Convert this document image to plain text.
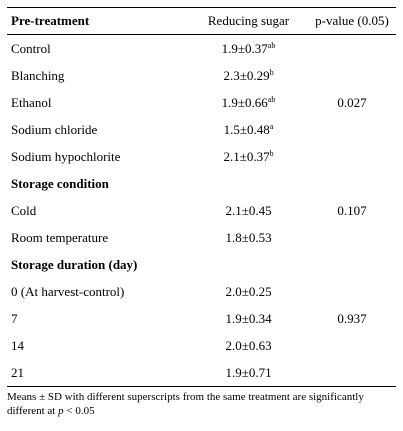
Pre-treatment	Reducing sugar	p-value (0.05)
Control	1.9±0.37$^{ab}$	0.027
Blanching	2.3±0.29$^b$
Ethanol	1.9±0.66$^{ab}$
Sodium chloride	1.5±0.48$^a$
Sodium hypochlorite	2.1±0.37$^b$
Storage condition		0.107
Cold	2.1±0.45	
Room temperature	1.8±0.53	
Storage duration (day)		0.937
0 (At harvest-control)	2.0±0.25	
7	1.9±0.34	
14	2.0±0.63	
21	1.9±0.71	
Means ± SD with different superscripts from the same treatment are significantly different at p < 0.05
